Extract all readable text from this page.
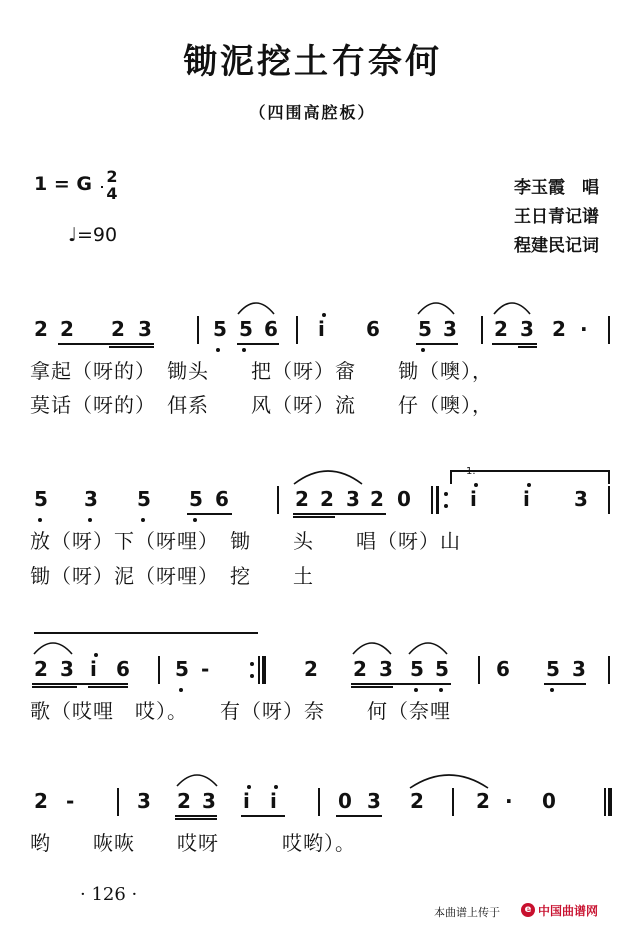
锄泥挖土冇奈何
（四围高腔板）
1 = G 2
4
♩=90
李玉霞　唱
王日青记谱
程建民记词
2 2 2 3	5 5 6 i 6 5 3 2 3 2 ·
拿起（呀的）　锄头　　把（呀）畲　　锄（噢），
莫话（呀的）　佴系　　风（呀）流　　仔（噢），
5 3 5 5 6	2 2 3 2 0	i i 3
1.
放（呀）下（呀哩）　锄　　头　　唱（呀）山
锄（呀）泥（呀哩）　挖　　土
2 3 i 6 5 -	2 2 3 5 5 6 5 3
歌（哎哩　哎）。　　有（呀）奈　　何（奈哩
2 -	3 2 3 i i	0 3 2	2 · 0
哟　　咴咴　　哎呀　　　哎哟）。
· 126 ·
本曲谱上传于	e 中国曲谱网
